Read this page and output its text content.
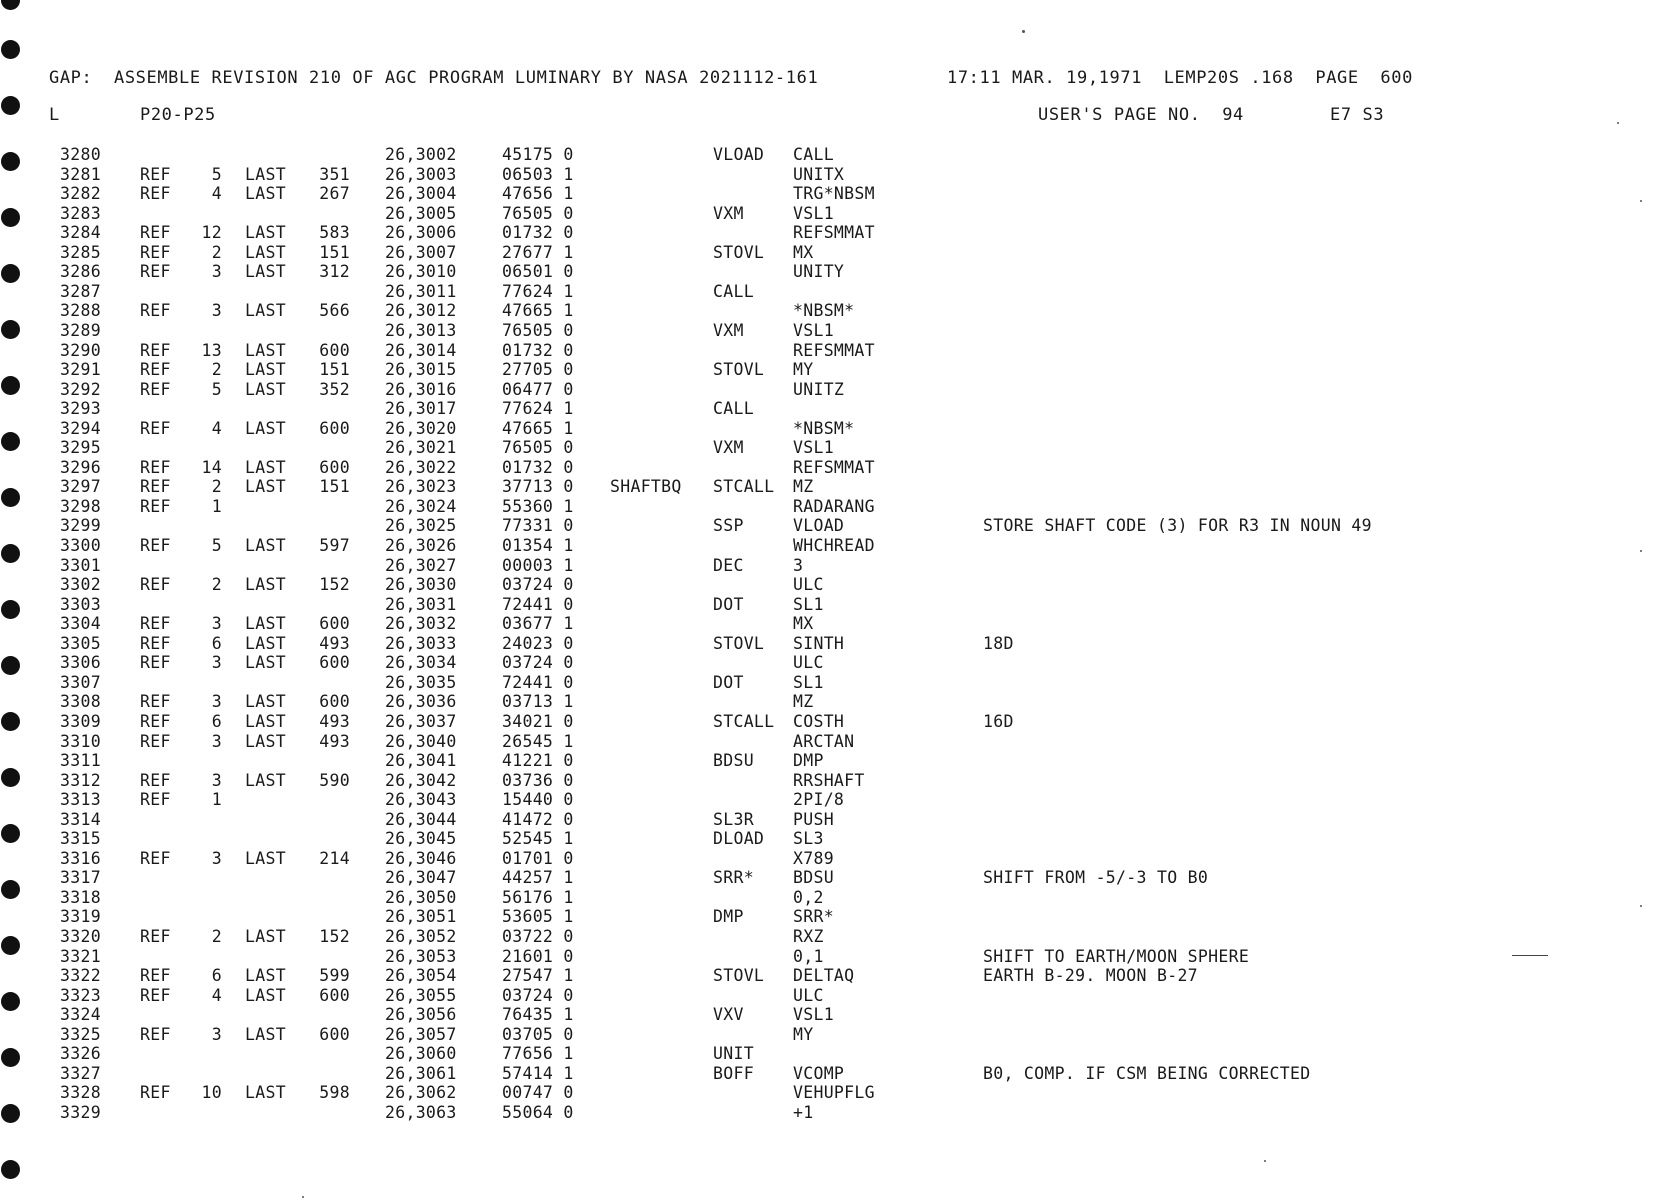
GAP:  ASSEMBLE REVISION 210 OF AGC PROGRAM LUMINARY BY NASA 2021112-161	17:11 MAR. 19,1971  LEMP20S .168  PAGE  600
L	P20-P25	USER'S PAGE NO.  94	E7 S3
3280	26,3002	45175 0	VLOAD CALL
3281 REF	5 LAST	351 26,3003	06503 1	UNITX
3282 REF	4 LAST	267 26,3004	47656 1	TRG*NBSM
3283	26,3005	76505 0	VXM	VSL1
3284 REF	12 LAST	583 26,3006	01732 0	REFSMMAT
3285 REF	2 LAST	151 26,3007	27677 1	STOVL MX
3286 REF	3 LAST	312 26,3010	06501 0	UNITY
3287	26,3011	77624 1	CALL
3288 REF	3 LAST	566 26,3012	47665 1	*NBSM*
3289	26,3013	76505 0	VXM	VSL1
3290 REF	13 LAST	600 26,3014	01732 0	REFSMMAT
3291 REF	2 LAST	151 26,3015	27705 0	STOVL MY
3292 REF	5 LAST	352 26,3016	06477 0	UNITZ
3293	26,3017	77624 1	CALL
3294 REF	4 LAST	600 26,3020	47665 1	*NBSM*
3295	26,3021	76505 0	VXM	VSL1
3296 REF	14 LAST	600 26,3022	01732 0	REFSMMAT
3297 REF	2 LAST	151 26,3023	37713 0 SHAFTBQ STCALL MZ
3298 REF	1	26,3024	55360 1	RADARANG
3299	26,3025	77331 0	SSP	VLOAD	STORE SHAFT CODE (3) FOR R3 IN NOUN 49
3300 REF	5 LAST	597 26,3026	01354 1	WHCHREAD
3301	26,3027	00003 1	DEC	3
3302 REF	2 LAST	152 26,3030	03724 0	ULC
3303	26,3031	72441 0	DOT	SL1
3304 REF	3 LAST	600 26,3032	03677 1	MX
3305 REF	6 LAST	493 26,3033	24023 0	STOVL SINTH	18D
3306 REF	3 LAST	600 26,3034	03724 0	ULC
3307	26,3035	72441 0	DOT	SL1
3308 REF	3 LAST	600 26,3036	03713 1	MZ
3309 REF	6 LAST	493 26,3037	34021 0	STCALL COSTH	16D
3310 REF	3 LAST	493 26,3040	26545 1	ARCTAN
3311	26,3041	41221 0	BDSU DMP
3312 REF	3 LAST	590 26,3042	03736 0	RRSHAFT
3313 REF	1	26,3043	15440 0	2PI/8
3314	26,3044	41472 0	SL3R PUSH
3315	26,3045	52545 1	DLOAD SL3
3316 REF	3 LAST	214 26,3046	01701 0	X789
3317	26,3047	44257 1	SRR* BDSU	SHIFT FROM -5/-3 TO B0
3318	26,3050	56176 1	0,2
3319	26,3051	53605 1	DMP	SRR*
3320 REF	2 LAST	152 26,3052	03722 0	RXZ
3321	26,3053	21601 0	0,1	SHIFT TO EARTH/MOON SPHERE
3322 REF	6 LAST	599 26,3054	27547 1	STOVL DELTAQ	EARTH B-29. MOON B-27
3323 REF	4 LAST	600 26,3055	03724 0	ULC
3324	26,3056	76435 1	VXV	VSL1
3325 REF	3 LAST	600 26,3057	03705 0	MY
3326	26,3060	77656 1	UNIT
3327	26,3061	57414 1	BOFF VCOMP	B0, COMP. IF CSM BEING CORRECTED
3328 REF	10 LAST	598 26,3062	00747 0	VEHUPFLG
3329	26,3063	55064 0	+1
